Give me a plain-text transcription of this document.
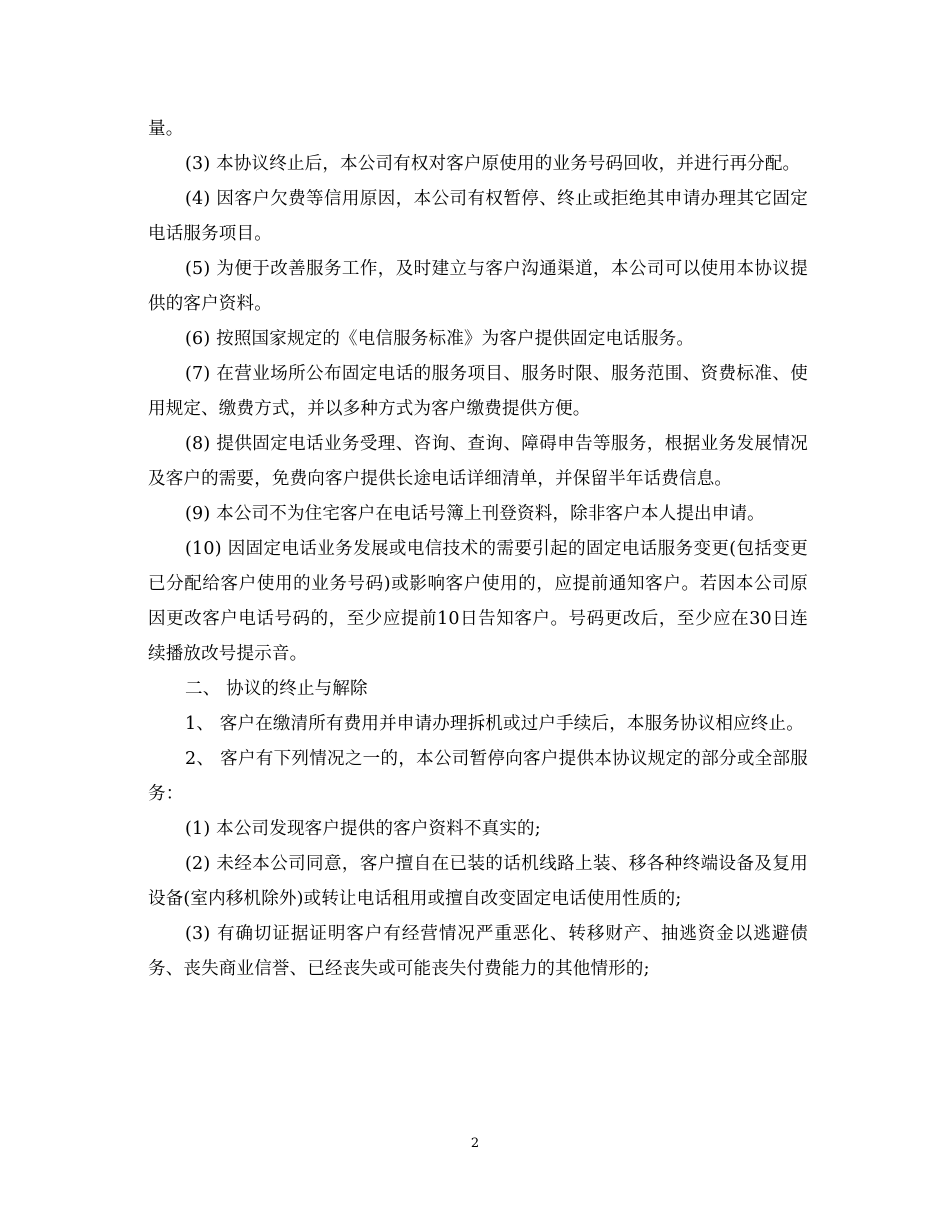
量。

(3) 本协议终止后，本公司有权对客户原使用的业务号码回收，并进行再分配。

(4) 因客户欠费等信用原因，本公司有权暂停、终止或拒绝其申请办理其它固定电话服务项目。

(5) 为便于改善服务工作，及时建立与客户沟通渠道，本公司可以使用本协议提供的客户资料。

(6) 按照国家规定的《电信服务标准》为客户提供固定电话服务。

(7) 在营业场所公布固定电话的服务项目、服务时限、服务范围、资费标准、使用规定、缴费方式，并以多种方式为客户缴费提供方便。

(8) 提供固定电话业务受理、咨询、查询、障碍申告等服务，根据业务发展情况及客户的需要，免费向客户提供长途电话详细清单，并保留半年话费信息。

(9) 本公司不为住宅客户在电话号簿上刊登资料，除非客户本人提出申请。

(10) 因固定电话业务发展或电信技术的需要引起的固定电话服务变更(包括变更已分配给客户使用的业务号码)或影响客户使用的，应提前通知客户。若因本公司原因更改客户电话号码的，至少应提前10日告知客户。号码更改后，至少应在30日连续播放改号提示音。

二、 协议的终止与解除

1、 客户在缴清所有费用并申请办理拆机或过户手续后，本服务协议相应终止。

2、 客户有下列情况之一的，本公司暂停向客户提供本协议规定的部分或全部服务：

(1) 本公司发现客户提供的客户资料不真实的;

(2) 未经本公司同意，客户擅自在已装的话机线路上装、移各种终端设备及复用设备(室内移机除外)或转让电话租用或擅自改变固定电话使用性质的;

(3) 有确切证据证明客户有经营情况严重恶化、转移财产、抽逃资金以逃避债务、丧失商业信誉、已经丧失或可能丧失付费能力的其他情形的;

2
